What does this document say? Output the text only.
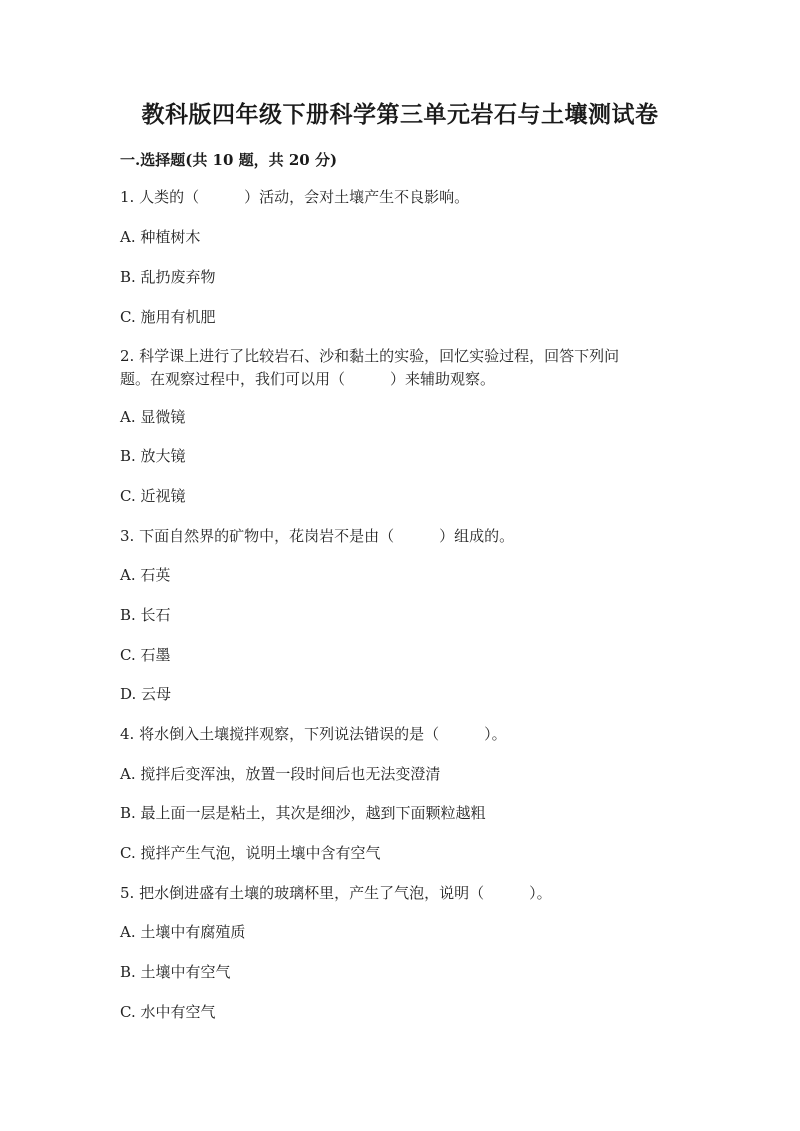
教科版四年级下册科学第三单元岩石与土壤测试卷
一.选择题(共 10 题，共 20 分)
1. 人类的（　　　）活动，会对土壤产生不良影响。
A. 种植树木
B. 乱扔废弃物
C. 施用有机肥
2. 科学课上进行了比较岩石、沙和黏土的实验，回忆实验过程，回答下列问
题。在观察过程中，我们可以用（　　　）来辅助观察。
A. 显微镜
B. 放大镜
C. 近视镜
3. 下面自然界的矿物中，花岗岩不是由（　　　）组成的。
A. 石英
B. 长石
C. 石墨
D. 云母
4. 将水倒入土壤搅拌观察，下列说法错误的是（　　　）。
A. 搅拌后变浑浊，放置一段时间后也无法变澄清
B. 最上面一层是粘土，其次是细沙，越到下面颗粒越粗
C. 搅拌产生气泡，说明土壤中含有空气
5. 把水倒进盛有土壤的玻璃杯里，产生了气泡，说明（　　　）。
A. 土壤中有腐殖质
B. 土壤中有空气
C. 水中有空气
